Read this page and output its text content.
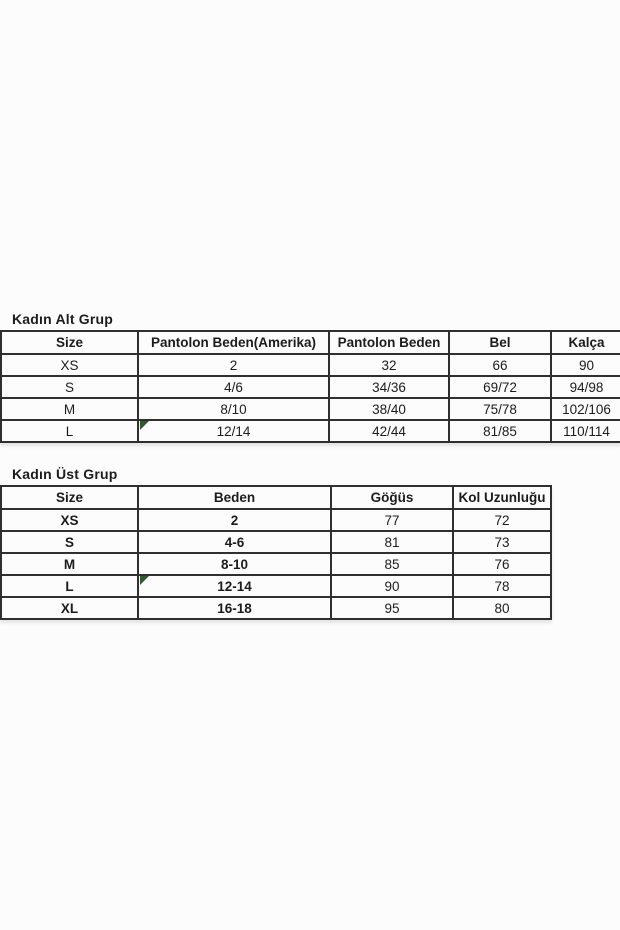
Kadın Alt Grup
Size	Pantolon Beden(Amerika)	Pantolon Beden	Bel	Kalça
XS	2	32	66	90
S	4/6	34/36	69/72	94/98
M	8/10	38/40	75/78	102/106
L	12/14	42/44	81/85	110/114
Kadın Üst Grup
Size	Beden	Göğüs	Kol Uzunluğu
XS	2	77	72
S	4-6	81	73
M	8-10	85	76
L	12-14	90	78
XL	16-18	95	80
